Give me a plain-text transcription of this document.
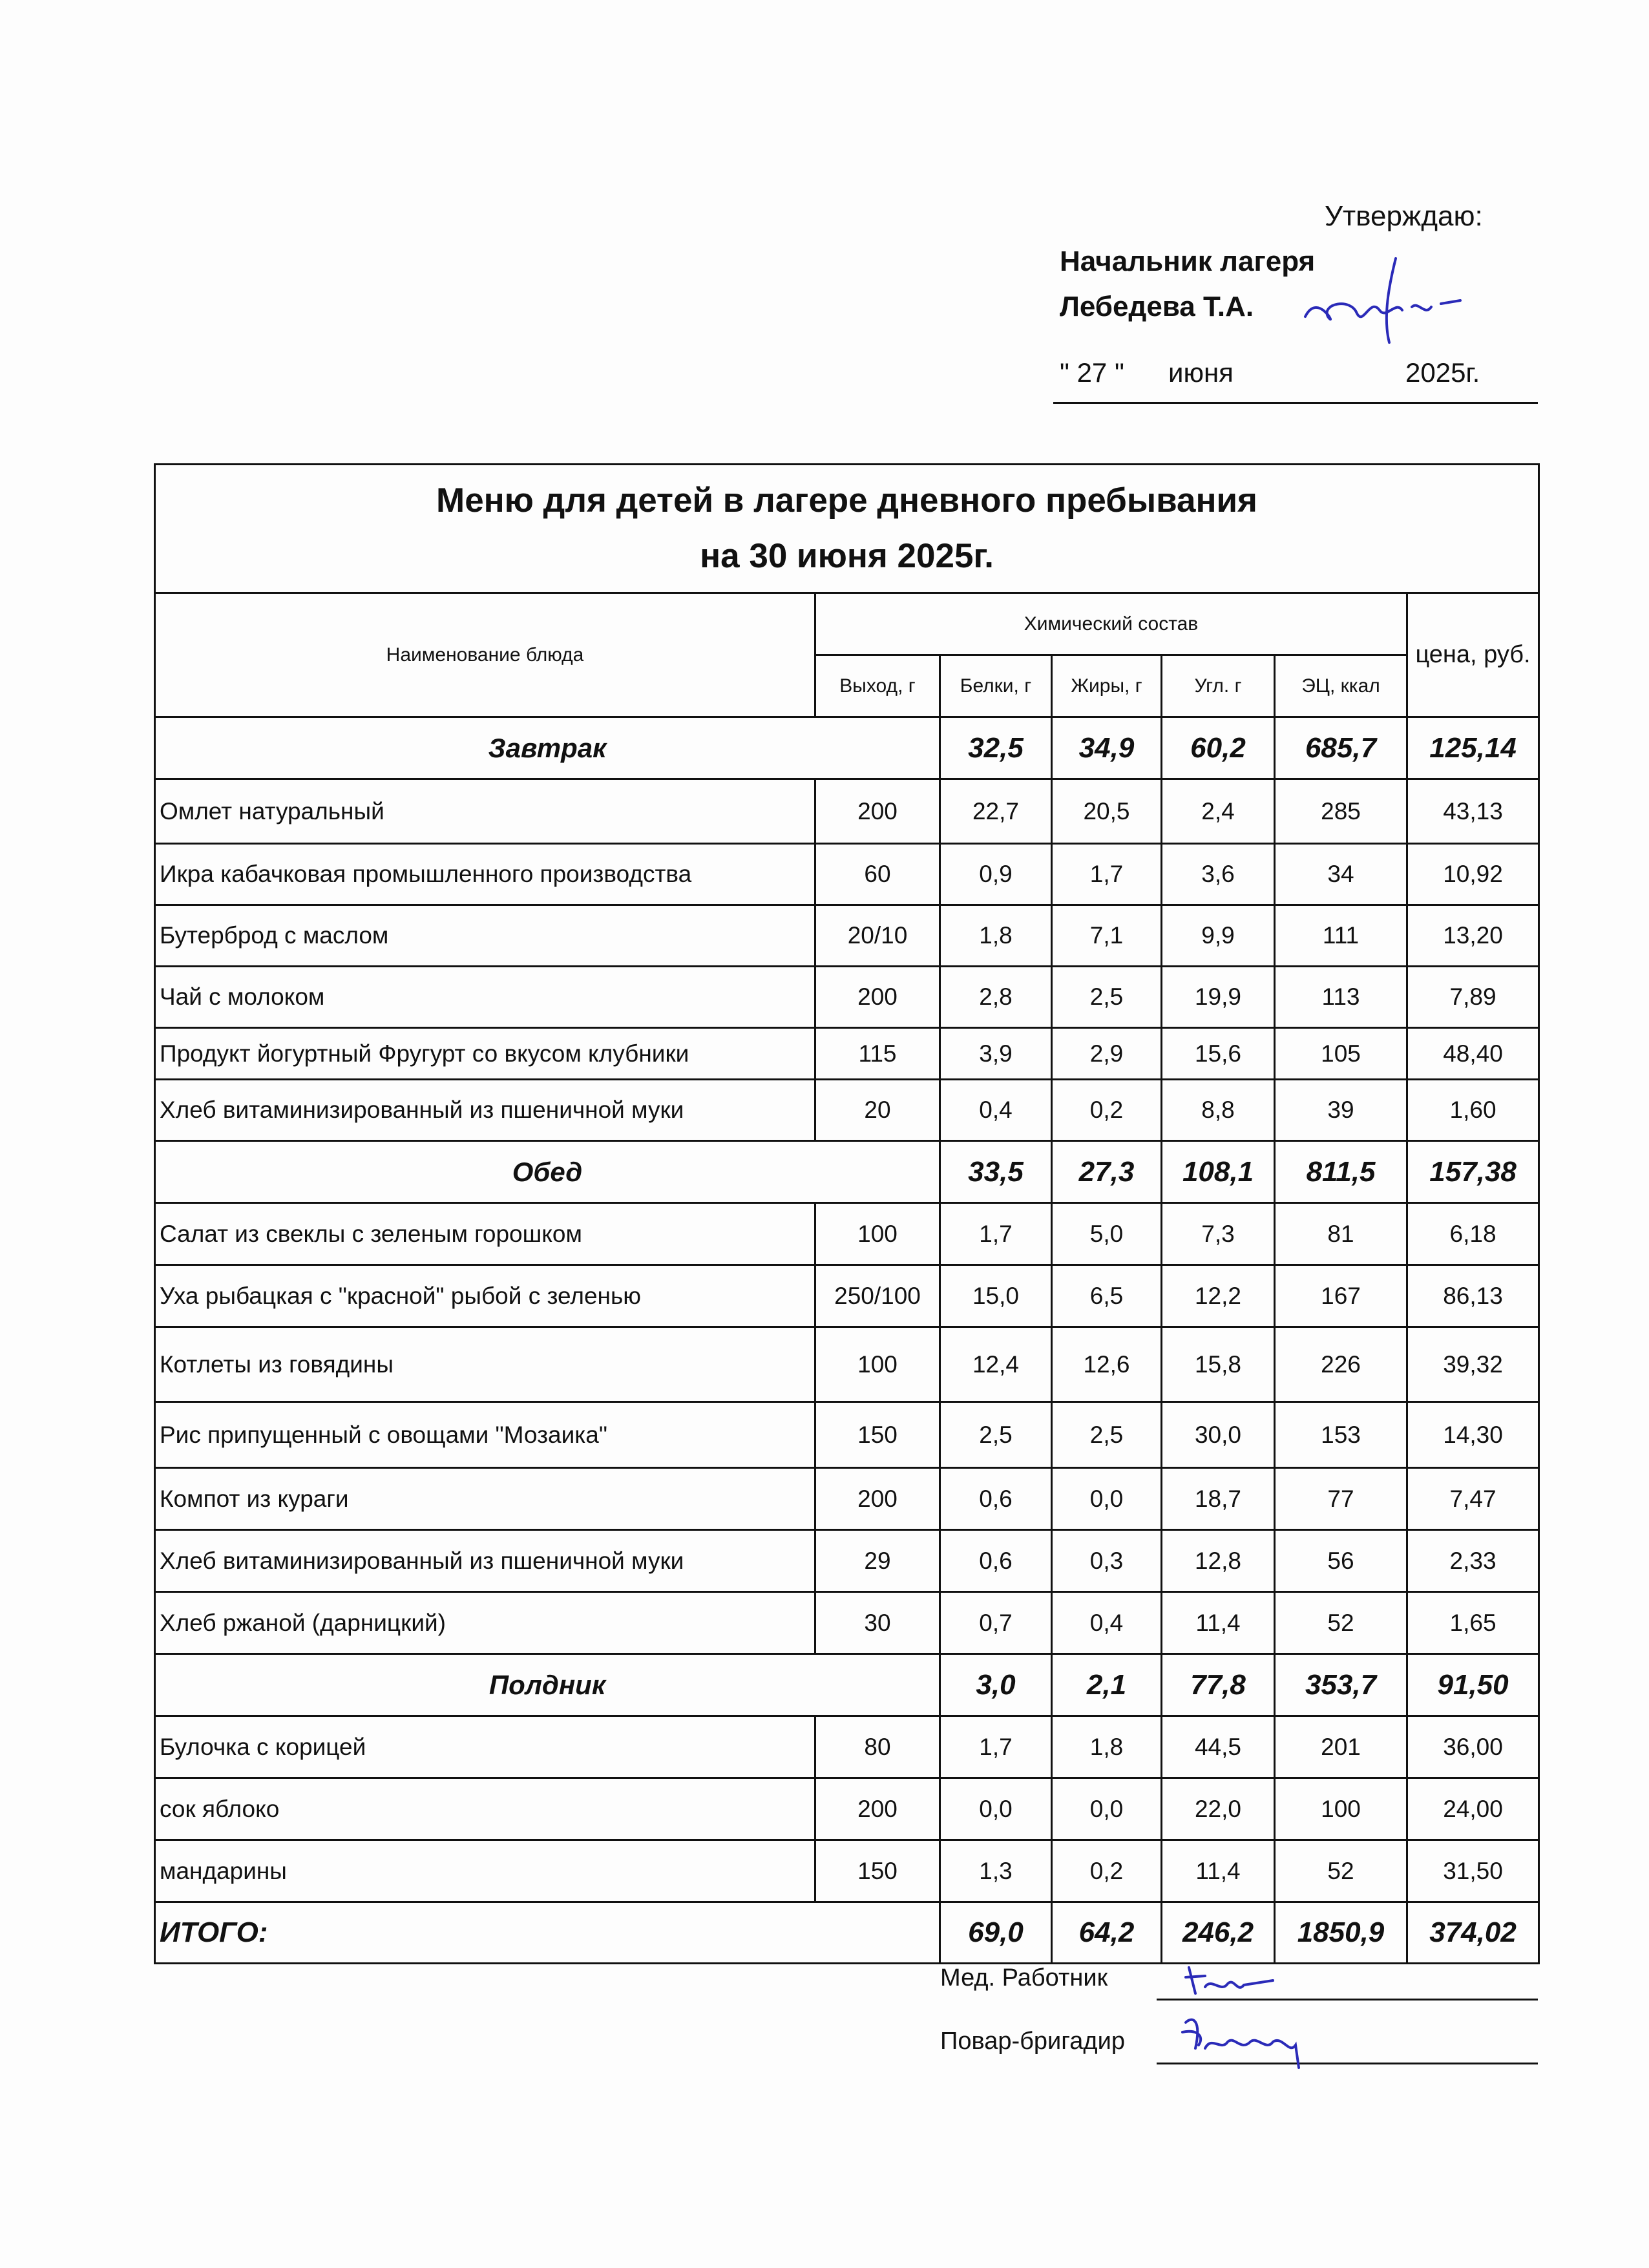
Утверждаю:
Начальник лагеря
Лебедева Т.А.
" 27 " июня	2025г.
Меню для детей в лагере дневного пребывания
на 30 июня 2025г.						

Наименование блюда	Химический состав					цена, руб.
	Выход, г	Белки, г	Жиры, г	Угл. г	ЭЦ, ккал	
Завтрак		32,5	34,9	60,2	685,7	125,14
Омлет натуральный	200	22,7	20,5	2,4	285	43,13
Икра кабачковая промышленного производства	60	0,9	1,7	3,6	34	10,92
Бутерброд с маслом	20/10	1,8	7,1	9,9	111	13,20
Чай с молоком	200	2,8	2,5	19,9	113	7,89
Продукт йогуртный Фругурт со вкусом клубники	115	3,9	2,9	15,6	105	48,40
Хлеб витаминизированный из пшеничной муки	20	0,4	0,2	8,8	39	1,60
Обед		33,5	27,3	108,1	811,5	157,38
Салат из свеклы с зеленым горошком	100	1,7	5,0	7,3	81	6,18
Уха рыбацкая с "красной" рыбой с зеленью	250/100	15,0	6,5	12,2	167	86,13
Котлеты из говядины	100	12,4	12,6	15,8	226	39,32
Рис припущенный с овощами "Мозаика"	150	2,5	2,5	30,0	153	14,30
Компот из кураги	200	0,6	0,0	18,7	77	7,47
Хлеб витаминизированный из пшеничной муки	29	0,6	0,3	12,8	56	2,33
Хлеб ржаной (дарницкий)	30	0,7	0,4	11,4	52	1,65
Полдник		3,0	2,1	77,8	353,7	91,50
Булочка с корицей	80	1,7	1,8	44,5	201	36,00
сок яблоко	200	0,0	0,0	22,0	100	24,00
мандарины	150	1,3	0,2	11,4	52	31,50
ИТОГО:		69,0	64,2	246,2	1850,9	374,02
Мед. Работник
Повар-бригадир
